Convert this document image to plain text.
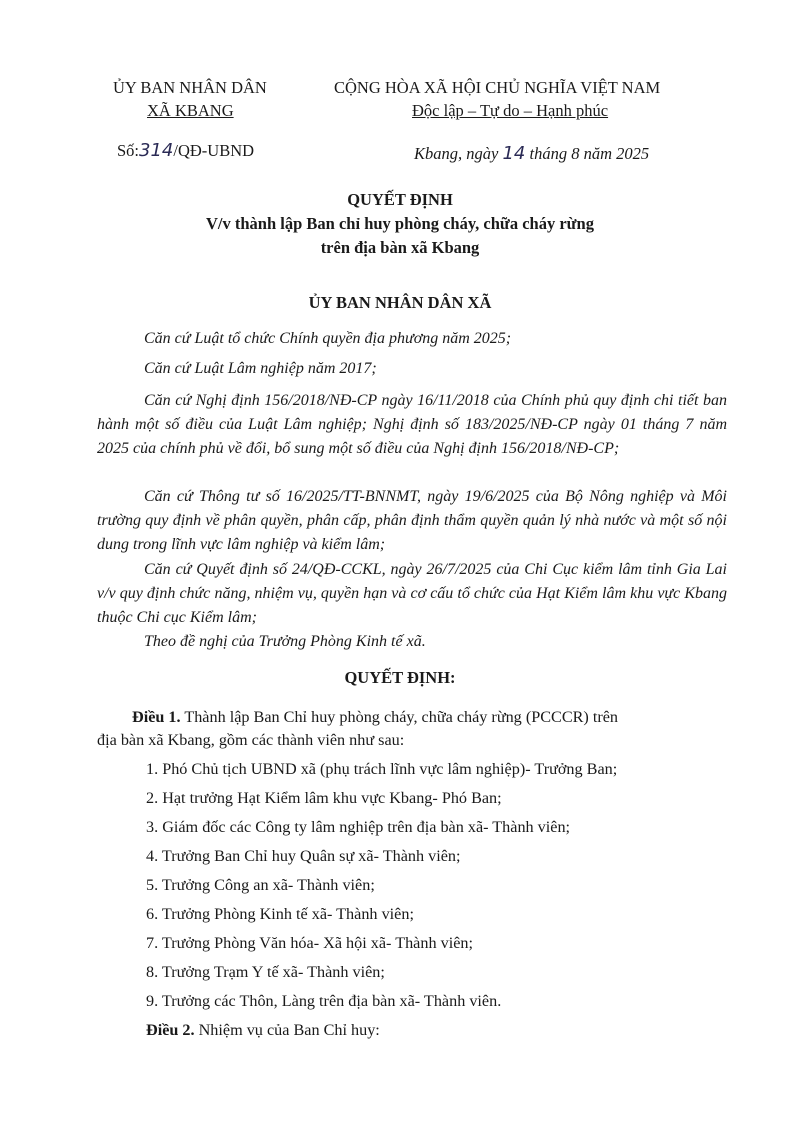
ỦY BAN NHÂN DÂN
XÃ KBANG
Số:314/QĐ-UBND
CỘNG HÒA XÃ HỘI CHỦ NGHĨA VIỆT NAM
Độc lập – Tự do – Hạnh phúc
Kbang, ngày 14 tháng 8 năm 2025
QUYẾT ĐỊNH
V/v thành lập Ban chỉ huy phòng cháy, chữa cháy rừng
trên địa bàn xã Kbang
ỦY BAN NHÂN DÂN XÃ
Căn cứ Luật tổ chức Chính quyền địa phương năm 2025;
Căn cứ Luật Lâm nghiệp năm 2017;
Căn cứ Nghị định 156/2018/NĐ-CP ngày 16/11/2018 của Chính phủ quy định chi tiết ban hành một số điều của Luật Lâm nghiệp; Nghị định số 183/2025/NĐ-CP ngày 01 tháng 7 năm 2025 của chính phủ về đổi, bổ sung một số điều của Nghị định 156/2018/NĐ-CP;
Căn cứ Thông tư số 16/2025/TT-BNNMT, ngày 19/6/2025 của Bộ Nông nghiệp và Môi trường quy định về phân quyền, phân cấp, phân định thẩm quyền quản lý nhà nước và một số nội dung trong lĩnh vực lâm nghiệp và kiểm lâm;
Căn cứ Quyết định số 24/QĐ-CCKL, ngày 26/7/2025 của Chi Cục kiểm lâm tỉnh Gia Lai v/v quy định chức năng, nhiệm vụ, quyền hạn và cơ cấu tổ chức của Hạt Kiểm lâm khu vực Kbang thuộc Chi cục Kiểm lâm;
Theo đề nghị của Trưởng Phòng Kinh tế xã.
QUYẾT ĐỊNH:
Điều 1. Thành lập Ban Chỉ huy phòng cháy, chữa cháy rừng (PCCCR) trên
địa bàn xã Kbang, gồm các thành viên như sau:
1. Phó Chủ tịch UBND xã (phụ trách lĩnh vực lâm nghiệp)- Trưởng Ban;
2. Hạt trưởng Hạt Kiểm lâm khu vực Kbang- Phó Ban;
3. Giám đốc các Công ty lâm nghiệp trên địa bàn xã- Thành viên;
4. Trưởng Ban Chỉ huy Quân sự xã- Thành viên;
5. Trưởng Công an xã- Thành viên;
6. Trưởng Phòng Kinh tế xã- Thành viên;
7. Trưởng Phòng Văn hóa- Xã hội xã- Thành viên;
8. Trưởng Trạm Y tế xã- Thành viên;
9. Trưởng các Thôn, Làng trên địa bàn xã- Thành viên.
Điều 2. Nhiệm vụ của Ban Chỉ huy:
